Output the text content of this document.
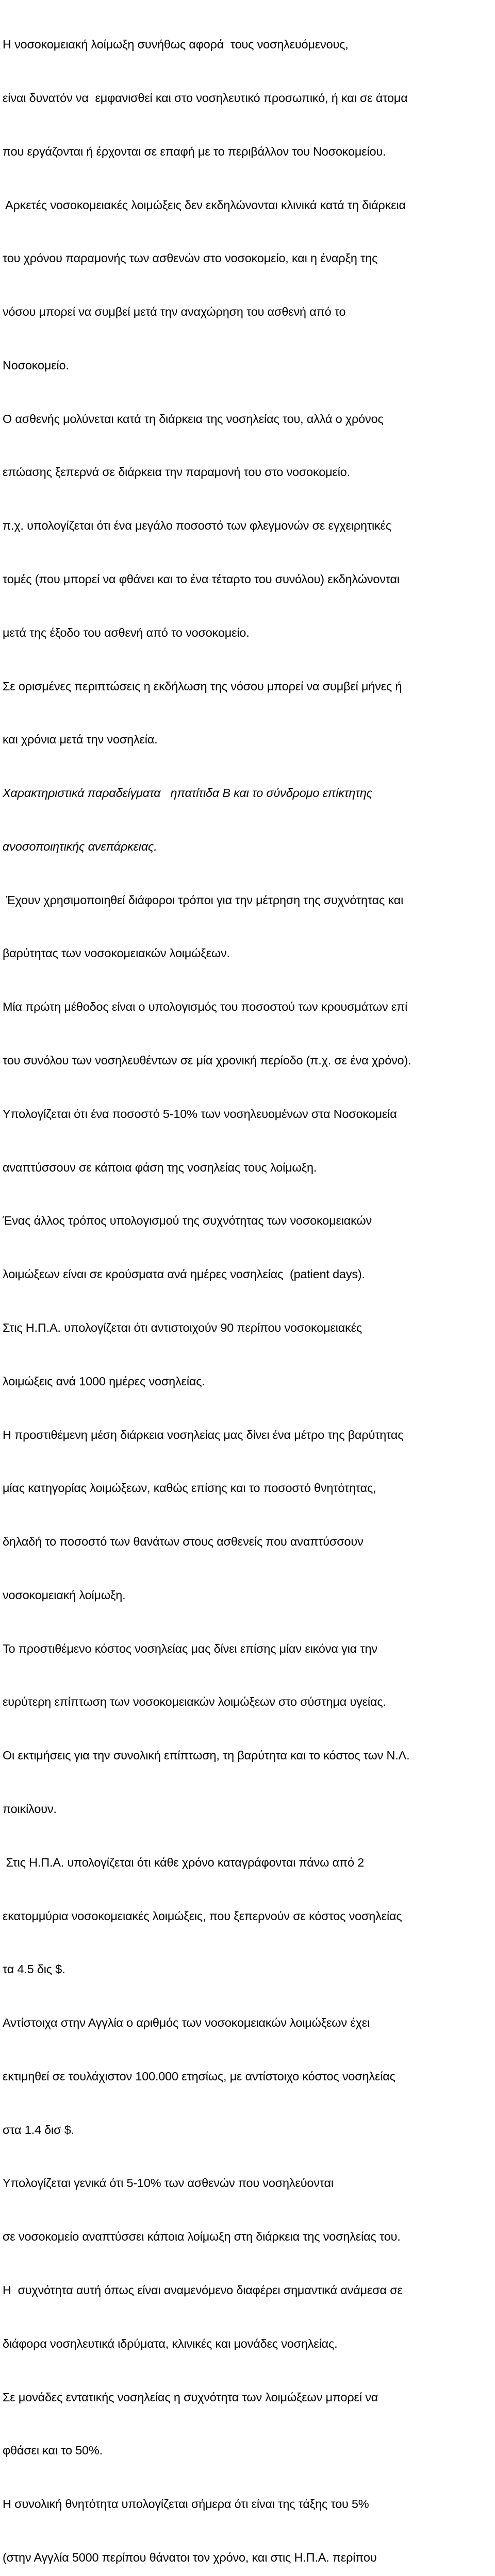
Η νοσοκομειακή λοίμωξη συνήθως αφορά  τους νοσηλευόμενους,

είναι δυνατόν να  εμφανισθεί και στο νοσηλευτικό προσωπικό, ή και σε άτομα

που εργάζονται ή έρχονται σε επαφή με το περιβάλλον του Νοσοκομείου.

Αρκετές νοσοκομειακές λοιμώξεις δεν εκδηλώνονται κλινικά κατά τη διάρκεια

του χρόνου παραμονής των ασθενών στο νοσοκομείο, και η έναρξη της

νόσου μπορεί να συμβεί μετά την αναχώρηση του ασθενή από το

Νοσοκομείο.

Ο ασθενής μολύνεται κατά τη διάρκεια της νοσηλείας του, αλλά ο χρόνος

επώασης ξεπερνά σε διάρκεια την παραμονή του στο νοσοκομείο.

π.χ. υπολογίζεται ότι ένα μεγάλο ποσοστό των φλεγμονών σε εγχειρητικές

τομές (που μπορεί να φθάνει και το ένα τέταρτο του συνόλου) εκδηλώνονται

μετά της έξοδο του ασθενή από το νοσοκομείο.

Σε ορισμένες περιπτώσεις η εκδήλωση της νόσου μπορεί να συμβεί μήνες ή

και χρόνια μετά την νοσηλεία.

Χαρακτηριστικά παραδείγματα   ηπατίτιδα Β και το σύνδρομο επίκτητης

ανοσοποιητικής ανεπάρκειας.

Έχουν χρησιμοποιηθεί διάφοροι τρόποι για την μέτρηση της συχνότητας και

βαρύτητας των νοσοκομειακών λοιμώξεων.

Μία πρώτη μέθοδος είναι ο υπολογισμός του ποσοστού των κρουσμάτων επί

του συνόλου των νοσηλευθέντων σε μία χρονική περίοδο (π.χ. σε ένα χρόνο).

Υπολογίζεται ότι ένα ποσοστό 5-10% των νοσηλευομένων στα Νοσοκομεία

αναπτύσσουν σε κάποια φάση της νοσηλείας τους λοίμωξη.

Ένας άλλος τρόπος υπολογισμού της συχνότητας των νοσοκομειακών

λοιμώξεων είναι σε κρούσματα ανά ημέρες νοσηλείας  (patient days).

Στις Η.Π.Α. υπολογίζεται ότι αντιστοιχούν 90 περίπου νοσοκομειακές

λοιμώξεις ανά 1000 ημέρες νοσηλείας.

Η προστιθέμενη μέση διάρκεια νοσηλείας μας δίνει ένα μέτρο της βαρύτητας

μίας κατηγορίας λοιμώξεων, καθώς επίσης και το ποσοστό θνητότητας,

δηλαδή το ποσοστό των θανάτων στους ασθενείς που αναπτύσσουν

νοσοκομειακή λοίμωξη.

Το προστιθέμενο κόστος νοσηλείας μας δίνει επίσης μίαν εικόνα για την

ευρύτερη επίπτωση των νοσοκομειακών λοιμώξεων στο σύστημα υγείας.

Οι εκτιμήσεις για την συνολική επίπτωση, τη βαρύτητα και το κόστος των Ν.Λ.

ποικίλουν.

Στις Η.Π.Α. υπολογίζεται ότι κάθε χρόνο καταγράφονται πάνω από 2

εκατομμύρια νοσοκομειακές λοιμώξεις, που ξεπερνούν σε κόστος νοσηλείας

τα 4.5 δις $.

Αντίστοιχα στην Αγγλία ο αριθμός των νοσοκομειακών λοιμώξεων έχει

εκτιμηθεί σε τουλάχιστον 100.000 ετησίως, με αντίστοιχο κόστος νοσηλείας

στα 1.4 δισ $.

Υπολογίζεται γενικά ότι 5-10% των ασθενών που νοσηλεύονται

σε νοσοκομείο αναπτύσσει κάποια λοίμωξη στη διάρκεια της νοσηλείας του.

Η  συχνότητα αυτή όπως είναι αναμενόμενο διαφέρει σημαντικά ανάμεσα σε

διάφορα νοσηλευτικά ιδρύματα, κλινικές και μονάδες νοσηλείας.

Σε μονάδες εντατικής νοσηλείας η συχνότητα των λοιμώξεων μπορεί να

φθάσει και το 50%.

Η συνολική θνητότητα υπολογίζεται σήμερα ότι είναι της τάξης του 5%

(στην Αγγλία 5000 περίπου θάνατοι τον χρόνο, και στις Η.Π.Α. περίπου
